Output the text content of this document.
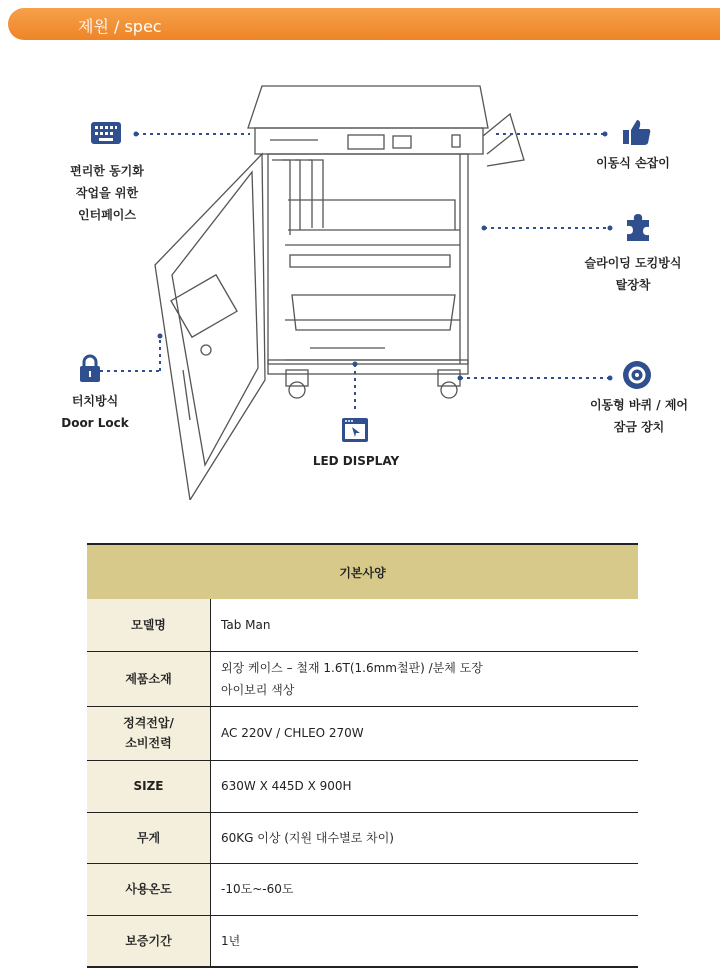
제원 / spec
편리한 동기화
작업을 위한
인터페이스
터치방식
Door Lock
LED DISPLAY
이동식 손잡이
슬라이딩 도킹방식
탈장착
이동형 바퀴 / 제어
잠금 장치
기본사양	
모델명	Tab Man
제품소재	외장 케이스 – 철재 1.6T(1.6mm철판) /분체 도장
아이보리 색상

정격전압/
소비전력	AC 220V / CHLEO 270W
SIZE	630W X 445D X 900H
무게	60KG 이상 (지원 대수별로 차이)
사용온도	-10도~-60도
보증기간	1년
